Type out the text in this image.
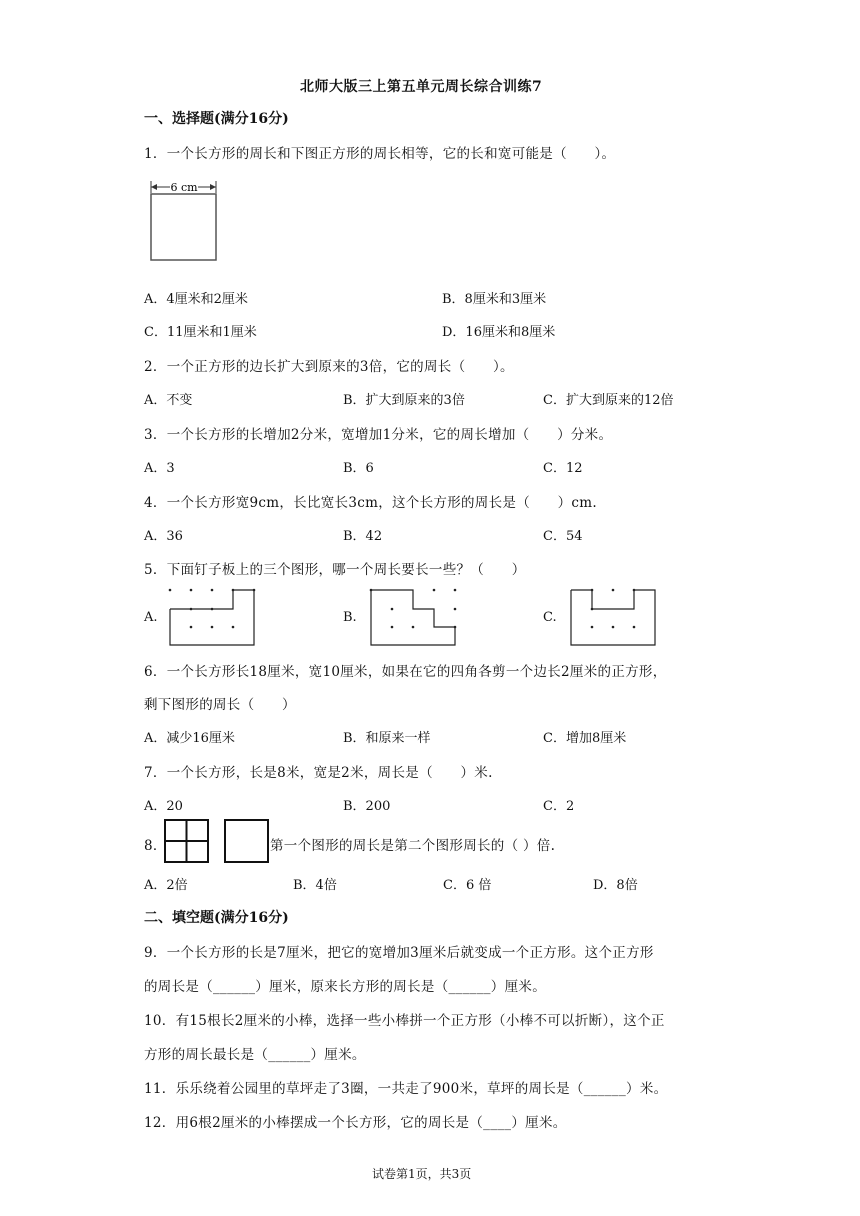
北师大版三上第五单元周长综合训练7
一、选择题(满分16分)
1．一个长方形的周长和下图正方形的周长相等，它的长和宽可能是（　　）。
6 cm
A．4厘米和2厘米	B．8厘米和3厘米
C．11厘米和1厘米	D．16厘米和8厘米
2．一个正方形的边长扩大到原来的3倍，它的周长（　　）。
A．不变	B．扩大到原来的3倍	C．扩大到原来的12倍
3．一个长方形的长增加2分米，宽增加1分米，它的周长增加（　　）分米。
A．3	B．6	C．12
4．一个长方形宽9cm，长比宽长3cm，这个长方形的周长是（　　）cm.
A．36	B．42	C．54
5．下面钉子板上的三个图形，哪一个周长要长一些？（　　）
A.	B.	C.
6．一个长方形长18厘米，宽10厘米，如果在它的四角各剪一个边长2厘米的正方形，
剩下图形的周长（　　）
A．减少16厘米	B．和原来一样	C．增加8厘米
7．一个长方形，长是8米，宽是2米，周长是（　　）米.
A．20	B．200	C．2
8．	第一个图形的周长是第二个图形周长的（ ）倍.
A．2倍	B．4倍	C．6 倍	D．8倍
二、填空题(满分16分)
9．一个长方形的长是7厘米，把它的宽增加3厘米后就变成一个正方形。这个正方形
的周长是（______）厘米，原来长方形的周长是（______）厘米。
10．有15根长2厘米的小棒，选择一些小棒拼一个正方形（小棒不可以折断），这个正
方形的周长最长是（______）厘米。
11．乐乐绕着公园里的草坪走了3圈，一共走了900米，草坪的周长是（______）米。
12．用6根2厘米的小棒摆成一个长方形，它的周长是（____）厘米。
试卷第1页，共3页
